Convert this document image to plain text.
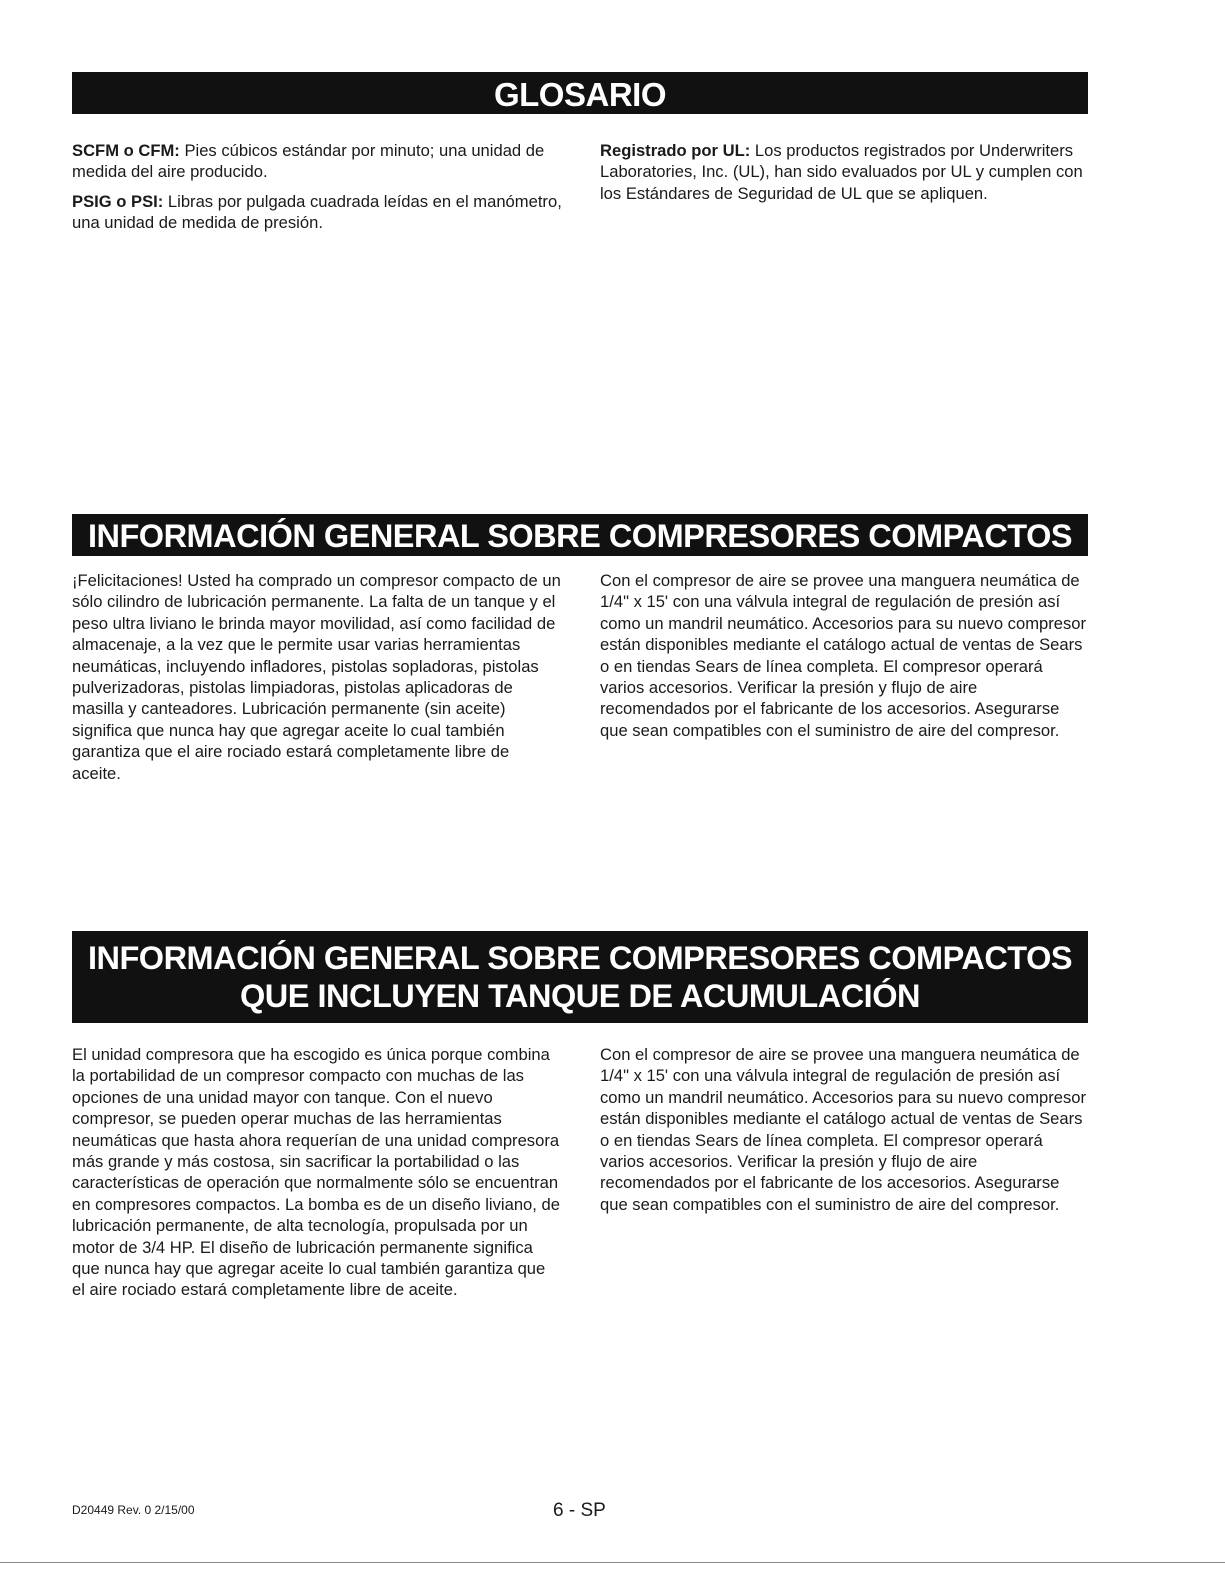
GLOSARIO

SCFM o CFM: Pies cúbicos estándar por minuto; una unidad de medida del aire producido.

PSIG o PSI: Libras por pulgada cuadrada leídas en el manómetro, una unidad de medida de presión.

Registrado por UL: Los productos registrados por Underwriters Laboratories, Inc. (UL), han sido evaluados por UL y cumplen con los Estándares de Seguridad de UL que se apliquen.

INFORMACIÓN GENERAL SOBRE COMPRESORES COMPACTOS

¡Felicitaciones! Usted ha comprado un compresor compacto de un sólo cilindro de lubricación permanente. La falta de un tanque y el peso ultra liviano le brinda mayor movilidad, así como facilidad de almacenaje, a la vez que le permite usar varias herramientas neumáticas, incluyendo infladores, pistolas sopladoras, pistolas pulverizadoras, pistolas limpiadoras, pistolas aplicadoras de masilla y canteadores. Lubricación permanente (sin aceite) significa que nunca hay que agregar aceite lo cual también garantiza que el aire rociado estará completamente libre de aceite.

Con el compresor de aire se provee una manguera neumática de 1/4" x 15' con una válvula integral de regulación de presión así como un mandril neumático. Accesorios para su nuevo compresor están disponibles mediante el catálogo actual de ventas de Sears o en tiendas Sears de línea completa. El compresor operará varios accesorios. Verificar la presión y flujo de aire recomendados por el fabricante de los accesorios. Asegurarse que sean compatibles con el suministro de aire del compresor.

INFORMACIÓN GENERAL SOBRE COMPRESORES COMPACTOS
QUE INCLUYEN TANQUE DE ACUMULACIÓN

El unidad compresora que ha escogido es única porque combina la portabilidad de un compresor compacto con muchas de las opciones de una unidad mayor con tanque. Con el nuevo compresor, se pueden operar muchas de las herramientas neumáticas que hasta ahora requerían de una unidad compresora más grande y más costosa, sin sacrificar la portabilidad o las características de operación que normalmente sólo se encuentran en compresores compactos. La bomba es de un diseño liviano, de lubricación permanente, de alta tecnología, propulsada por un motor de 3/4 HP. El diseño de lubricación permanente significa que nunca hay que agregar aceite lo cual también garantiza que el aire rociado estará completamente libre de aceite.

Con el compresor de aire se provee una manguera neumática de 1/4" x 15' con una válvula integral de regulación de presión así como un mandril neumático. Accesorios para su nuevo compresor están disponibles mediante el catálogo actual de ventas de Sears o en tiendas Sears de línea completa. El compresor operará varios accesorios. Verificar la presión y flujo de aire recomendados por el fabricante de los accesorios. Asegurarse que sean compatibles con el suministro de aire del compresor.

D20449 Rev. 0 2/15/00	6 - SP
